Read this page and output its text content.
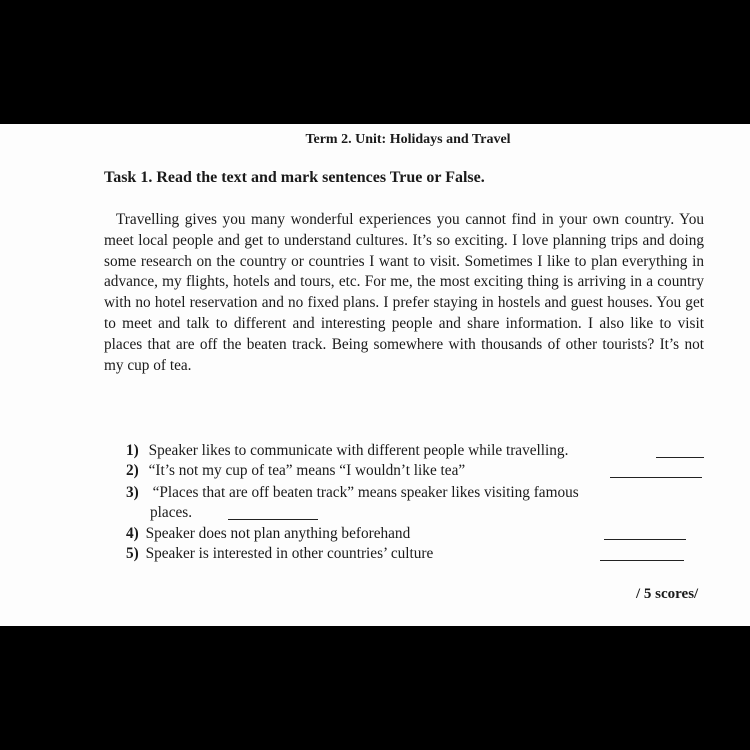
Term 2. Unit: Holidays and Travel
Task 1. Read the text and mark sentences True or False.

Travelling gives you many wonderful experiences you cannot find in your own country. You meet local people and get to understand cultures. It’s so exciting. I love planning trips and doing some research on the country or countries I want to visit. Sometimes I like to plan everything in advance, my flights, hotels and tours, etc. For me, the most exciting thing is arriving in a country with no hotel reservation and no fixed plans. I prefer staying in hostels and guest houses. You get to meet and talk to different and interesting people and share information. I also like to visit places that are off the beaten track. Being somewhere with thousands of other tourists? It’s not my cup of tea.

1) Speaker likes to communicate with different people while travelling.
2) “It’s not my cup of tea” means “I wouldn’t like tea”
3) “Places that are off beaten track” means speaker likes visiting famous
places.
4) Speaker does not plan anything beforehand
5) Speaker is interested in other countries’ culture
/ 5 scores/
